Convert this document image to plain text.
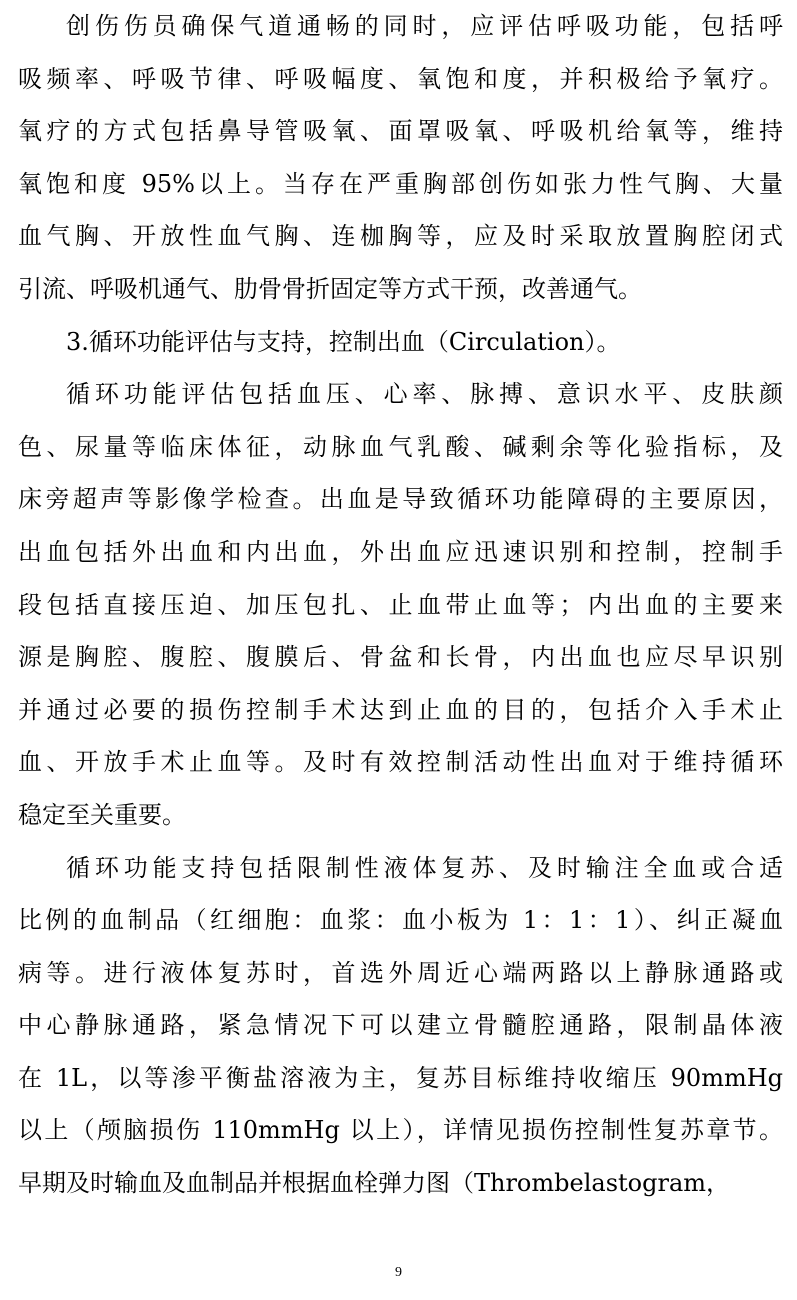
创伤伤员确保气道通畅的同时，应评估呼吸功能，包括呼
吸频率、呼吸节律、呼吸幅度、氧饱和度，并积极给予氧疗。
氧疗的方式包括鼻导管吸氧、面罩吸氧、呼吸机给氧等，维持
氧饱和度 95%以上。当存在严重胸部创伤如张力性气胸、大量
血气胸、开放性血气胸、连枷胸等，应及时采取放置胸腔闭式
引流、呼吸机通气、肋骨骨折固定等方式干预，改善通气。
3.循环功能评估与支持，控制出血（Circulation）。
循环功能评估包括血压、心率、脉搏、意识水平、皮肤颜
色、尿量等临床体征，动脉血气乳酸、碱剩余等化验指标，及
床旁超声等影像学检查。出血是导致循环功能障碍的主要原因，
出血包括外出血和内出血，外出血应迅速识别和控制，控制手
段包括直接压迫、加压包扎、止血带止血等；内出血的主要来
源是胸腔、腹腔、腹膜后、骨盆和长骨，内出血也应尽早识别
并通过必要的损伤控制手术达到止血的目的，包括介入手术止
血、开放手术止血等。及时有效控制活动性出血对于维持循环
稳定至关重要。
循环功能支持包括限制性液体复苏、及时输注全血或合适
比例的血制品（红细胞：血浆：血小板为 1：1：1）、纠正凝血
病等。进行液体复苏时，首选外周近心端两路以上静脉通路或
中心静脉通路，紧急情况下可以建立骨髓腔通路，限制晶体液
在 1L，以等渗平衡盐溶液为主，复苏目标维持收缩压 90mmHg
以上（颅脑损伤 110mmHg 以上），详情见损伤控制性复苏章节。
早期及时输血及血制品并根据血栓弹力图（Thrombelastogram，
9
